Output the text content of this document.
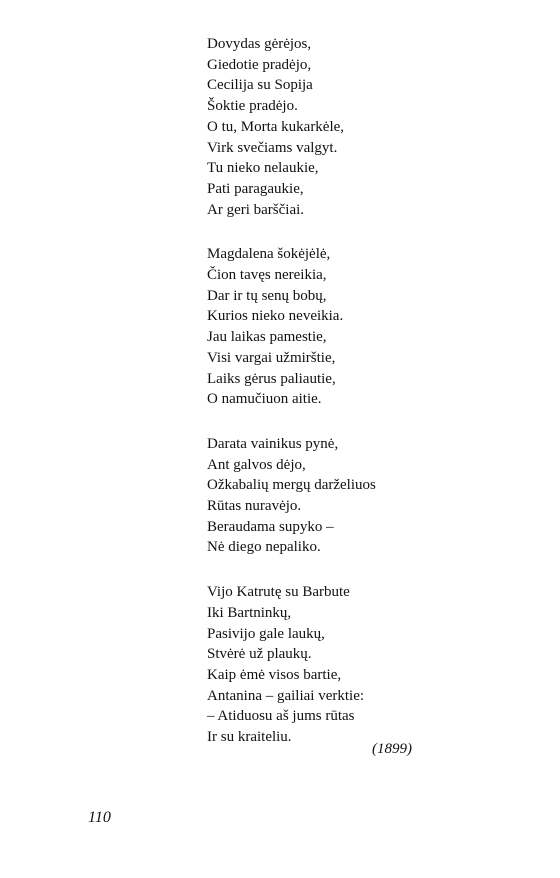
Dovydas gėrėjos,
Giedotie pradėjo,
Cecilija su Sopija
Šoktie pradėjo.
O tu, Morta kukarkėle,
Virk svečiams valgyt.
Tu nieko nelaukie,
Pati paragaukie,
Ar geri barščiai.
Magdalena šokėjėlė,
Čion tavęs nereikia,
Dar ir tų senų bobų,
Kurios nieko neveikia.
Jau laikas pamestie,
Visi vargai užmirštie,
Laiks gėrus paliautie,
O namučiuon aitie.
Darata vainikus pynė,
Ant galvos dėjo,
Ožkabalių mergų darželiuos
Rūtas nuravėjo.
Beraudama supyko –
Nė diego nepaliko.
Vijo Katrutę su Barbute
Iki Bartninkų,
Pasivijo gale laukų,
Stvėrė už plaukų.
Kaip ėmė visos bartie,
Antanina – gailiai verktie:
– Atiduosu aš jums rūtas
Ir su kraiteliu.
(1899)
110
